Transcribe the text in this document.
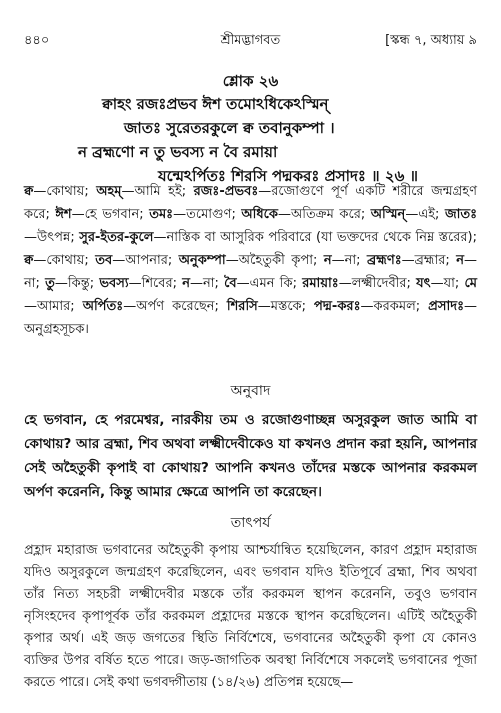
৪৪০	শ্রীমদ্ভাগবত	[স্কন্ধ ৭, অধ্যায় ৯
শ্লোক ২৬
ক্বাহং রজঃপ্রভব ঈশ তমোঽধিকেঽস্মিন্
জাতঃ সুরেতরকুলে ক্ব তবানুকম্পা ।
ন ব্রহ্মণো ন তু ভবস্য ন বৈ রমায়া
যন্মেঽর্পিতঃ শিরসি পদ্মকরঃ প্রসাদঃ ॥ ২৬ ॥
ক্ব—কোথায়; অহম্—আমি হই; রজঃ-প্রভবঃ—রজোগুণে পূর্ণ একটি শরীরে জন্মগ্রহণ করে; ঈশ—হে ভগবান; তমঃ—তমোগুণ; অধিকে—অতিক্রম করে; অস্মিন্—এই; জাতঃ—উৎপন্ন; সুর-ইতর-কুলে—নাস্তিক বা আসুরিক পরিবারে (যা ভক্তদের থেকে নিম্ন স্তরের); ক্ব—কোথায়; তব—আপনার; অনুকম্পা—অহৈতুকী কৃপা; ন—না; ব্রহ্মণঃ—ব্রহ্মার; ন—না; তু—কিন্তু; ভবস্য—শিবের; ন—না; বৈ—এমন কি; রমায়াঃ—লক্ষ্মীদেবীর; যৎ—যা; মে—আমার; অর্পিতঃ—অর্পণ করেছেন; শিরসি—মস্তকে; পদ্ম-করঃ—করকমল; প্রসাদঃ—অনুগ্রহসূচক।
অনুবাদ
হে ভগবান, হে পরমেশ্বর, নারকীয় তম ও রজোগুণাচ্ছন্ন অসুরকুল জাত আমি বা কোথায়? আর ব্রহ্মা, শিব অথবা লক্ষ্মীদেবীকেও যা কখনও প্রদান করা হয়নি, আপনার সেই অহৈতুকী কৃপাই বা কোথায়? আপনি কখনও তাঁদের মস্তকে আপনার করকমল অর্পণ করেননি, কিন্তু আমার ক্ষেত্রে আপনি তা করেছেন।
তাৎপর্য
প্রহ্লাদ মহারাজ ভগবানের অহৈতুকী কৃপায় আশ্চর্যান্বিত হয়েছিলেন, কারণ প্রহ্লাদ মহারাজ যদিও অসুরকুলে জন্মগ্রহণ করেছিলেন, এবং ভগবান যদিও ইতিপূর্বে ব্রহ্মা, শিব অথবা তাঁর নিত্য সহচরী লক্ষ্মীদেবীর মস্তকে তাঁর করকমল স্থাপন করেননি, তবুও ভগবান নৃসিংহদেব কৃপাপূর্বক তাঁর করকমল প্রহ্লাদের মস্তকে স্থাপন করেছিলেন। এটিই অহৈতুকী কৃপার অর্থ। এই জড় জগতের স্থিতি নির্বিশেষে, ভগবানের অহৈতুকী কৃপা যে কোনও ব্যক্তির উপর বর্ষিত হতে পারে। জড়-জাগতিক অবস্থা নির্বিশেষে সকলেই ভগবানের পূজা করতে পারে। সেই কথা ভগবদ্গীতায় (১৪/২৬) প্রতিপন্ন হয়েছে—
